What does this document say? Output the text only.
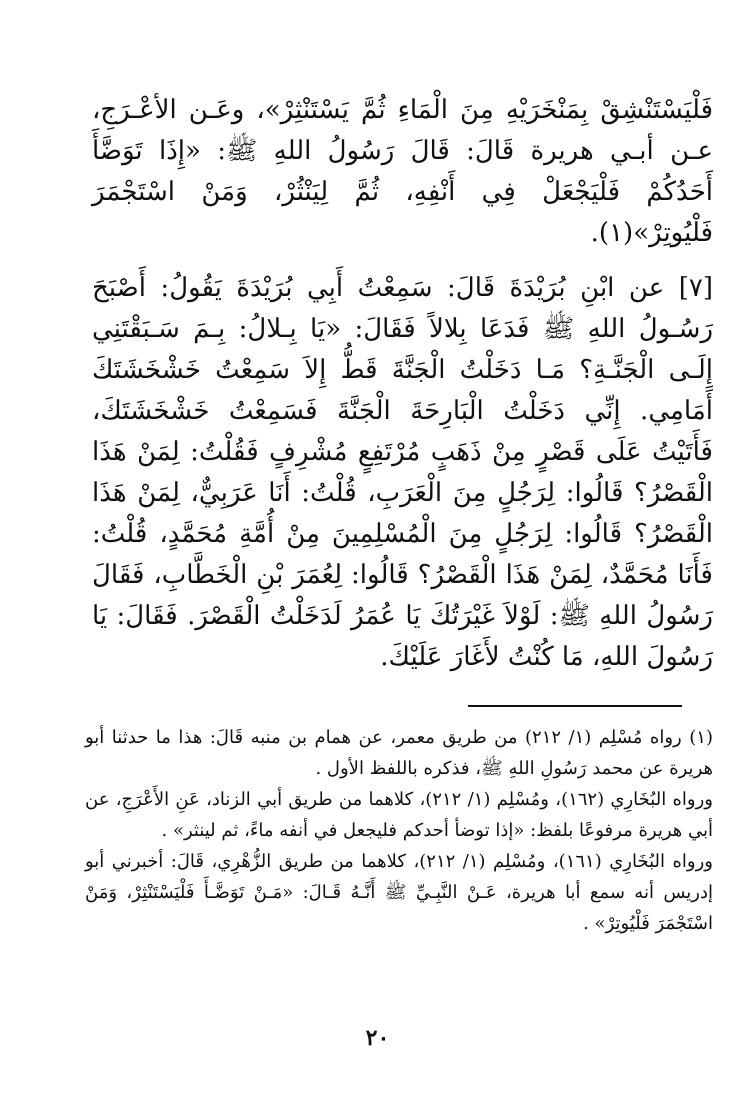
فَلْيَسْتَنْشِقْ بِمَنْخَرَيْهِ مِنَ الْمَاءِ ثُمَّ يَسْتَنْثِرْ»، وعَـن الأعْـرَجِ، عـن أبـي هريرة قَالَ: قَالَ رَسُولُ اللهِ ﷺ: «إِذَا تَوَضَّأَ أَحَدُكُمْ فَلْيَجْعَلْ فِي أَنْفِهِ، ثُمَّ لِيَنْثُرْ، وَمَنْ اسْتَجْمَرَ فَلْيُوتِرْ»(١).

[٧] عن ابْنِ بُرَيْدَةَ قَالَ: سَمِعْتُ أَبِي بُرَيْدَةَ يَقُولُ: أَصْبَحَ رَسُـولُ اللهِ ﷺ فَدَعَا بِلالاً فَقَالَ: «يَا بِـلالُ: بِـمَ سَـبَقْتَنِي إِلَـى الْجَنَّـةِ؟ مَـا دَخَلْتُ الْجَنَّةَ قَطُّ إِلاَ سَمِعْتُ خَشْخَشَتَكَ أَمَامِي. إِنِّي دَخَلْتُ الْبَارِحَةَ الْجَنَّةَ فَسَمِعْتُ خَشْخَشَتَكَ، فَأَتَيْتُ عَلَى قَصْرٍ مِنْ ذَهَبٍ مُرْتَفِعٍ مُشْرِفٍ فَقُلْتُ: لِمَنْ هَذَا الْقَصْرُ؟ قَالُوا: لِرَجُلٍ مِنَ الْعَرَبِ، قُلْتُ: أَنَا عَرَبِيٌّ، لِمَنْ هَذَا الْقَصْرُ؟ قَالُوا: لِرَجُلٍ مِنَ الْمُسْلِمِينَ مِنْ أُمَّةِ مُحَمَّدٍ، قُلْتُ: فَأَنَا مُحَمَّدٌ، لِمَنْ هَذَا الْقَصْرُ؟ قَالُوا: لِعُمَرَ بْنِ الْخَطَّابِ، فَقَالَ رَسُولُ اللهِ ﷺ: لَوْلاَ غَيْرَتُكَ يَا عُمَرُ لَدَخَلْتُ الْقَصْرَ. فَقَالَ: يَا رَسُولَ اللهِ، مَا كُنْتُ لأَغَارَ عَلَيْكَ.

(١) رواه مُسْلِم (١/ ٢١٢) من طريق معمر، عن همام بن منبه قَالَ: هذا ما حدثنا أبو هريرة عن محمد رَسُولِ اللهِ ﷺ، فذكره باللفظ الأول .

ورواه البُخَارِي (١٦٢)، ومُسْلِم (١/ ٢١٢)، كلاهما من طريق أبي الزناد، عَنِ الأَعْرَجِ، عن أبي هريرة مرفوعًا بلفظ: «إذا توضأ أحدكم فليجعل في أنفه ماءً، ثم لينثر» .

ورواه البُخَارِي (١٦١)، ومُسْلِم (١/ ٢١٢)، كلاهما من طريق الزُّهْرِي، قَالَ: أخبرني أبو إدريس أنه سمع أبا هريرة، عَـنْ النَّبِـيِّ ﷺ أَنَّـهُ قَـالَ: «مَـنْ تَوَضَّـأَ فَلْيَسْتَنْثِرْ، وَمَنْ اسْتَجْمَرَ فَلْيُوتِرْ» .

٢٠
